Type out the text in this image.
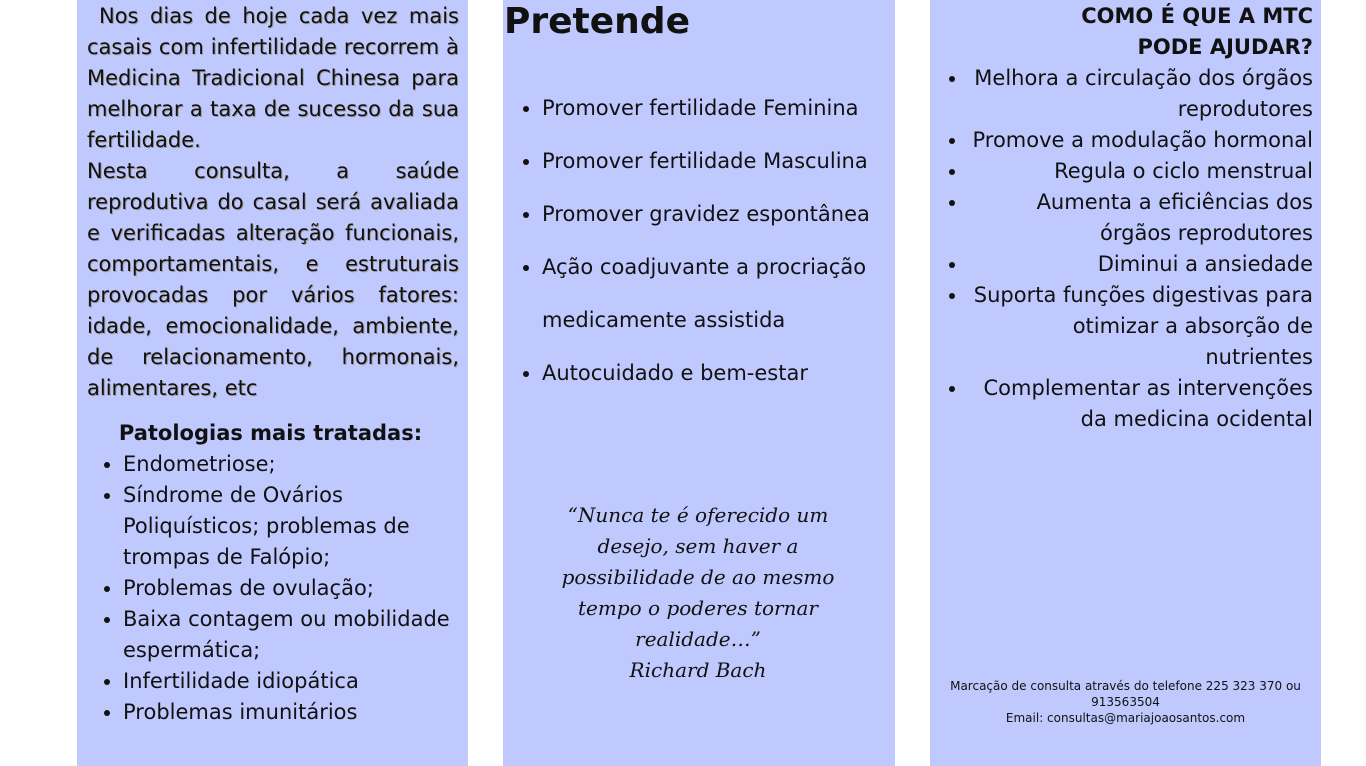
Nos dias de hoje cada vez mais casais com infertilidade recorrem à Medicina Tradicional Chinesa para melhorar a taxa de sucesso da sua fertilidade.

Nesta consulta, a saúde reprodutiva do casal será avaliada e verificadas alteração funcionais, comportamentais, e estruturais provocadas por vários fatores: idade, emocionalidade, ambiente, de relacionamento, hormonais, alimentares, etc

Patologias mais tratadas:
• Endometriose;
• Síndrome de Ovários Poliquísticos; problemas de trompas de Falópio;
• Problemas de ovulação;
• Baixa contagem ou mobilidade espermática;
• Infertilidade idiopática
• Problemas imunitários
Pretende
• Promover fertilidade Feminina
• Promover fertilidade Masculina
• Promover gravidez espontânea
• Ação coadjuvante a procriação medicamente assistida
• Autocuidado e bem-estar
“Nunca te é oferecido um desejo, sem haver a possibilidade de ao mesmo tempo o poderes tornar realidade…”
Richard Bach
COMO É QUE A MTC PODE AJUDAR?
• Melhora a circulação dos órgãos reprodutores
• Promove a modulação hormonal
• Regula o ciclo menstrual
• Aumenta a eficiências dos órgãos reprodutores
• Diminui a ansiedade
• Suporta funções digestivas para otimizar a absorção de nutrientes
• Complementar as intervenções da medicina ocidental
Marcação de consulta através do telefone 225 323 370 ou 913563504
Email: consultas@mariajoaosantos.com
